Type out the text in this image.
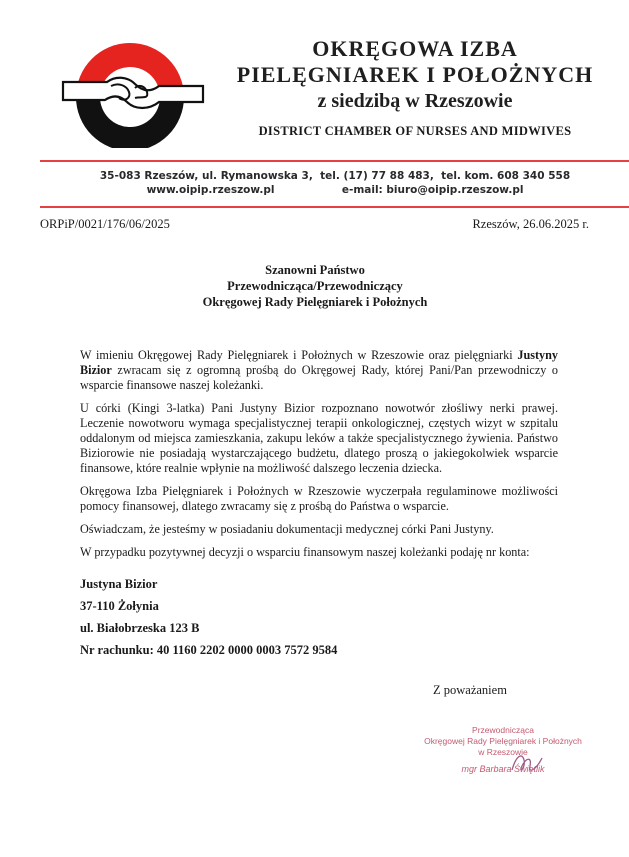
OKRĘGOWA IZBA
PIELĘGNIAREK I POŁOŻNYCH
z siedzibą w Rzeszowie
DISTRICT CHAMBER OF NURSES AND MIDWIVES
35-083 Rzeszów, ul. Rymanowska 3, tel. (17) 77 88 483, tel. kom. 608 340 558
www.oipip.rzeszow.pl	e-mail: biuro@oipip.rzeszow.pl
ORPiP/0021/176/06/2025	Rzeszów, 26.06.2025 r.
Szanowni Państwo
Przewodnicząca/Przewodniczący
Okręgowej Rady Pielęgniarek i Położnych

W imieniu Okręgowej Rady Pielęgniarek i Położnych w Rzeszowie oraz pielęgniarki Justyny Bizior zwracam się z ogromną prośbą do Okręgowej Rady, której Pani/Pan przewodniczy o wsparcie finansowe naszej koleżanki.

U córki (Kingi 3-latka) Pani Justyny Bizior rozpoznano nowotwór złośliwy nerki prawej. Leczenie nowotworu wymaga specjalistycznej terapii onkologicznej, częstych wizyt w szpitalu oddalonym od miejsca zamieszkania, zakupu leków a także specjalistycznego żywienia. Państwo Biziorowie nie posiadają wystarczającego budżetu, dlatego proszą o jakiegokolwiek wsparcie finansowe, które realnie wpłynie na możliwość dalszego leczenia dziecka.

Okręgowa Izba Pielęgniarek i Położnych w Rzeszowie wyczerpała regulaminowe możliwości pomocy finansowej, dlatego zwracamy się z prośbą do Państwa o wsparcie.

Oświadczam, że jesteśmy w posiadaniu dokumentacji medycznej córki Pani Justyny.

W przypadku pozytywnej decyzji o wsparciu finansowym naszej koleżanki podaję nr konta:

Justyna Bizior
37-110 Żołynia
ul. Białobrzeska 123 B
Nr rachunku: 40 1160 2202 0000 0003 7572 9584
Z poważaniem
Przewodnicząca
Okręgowej Rady Pielęgniarek i Położnych
w Rzeszowie
mgr Barbara Świętlik
